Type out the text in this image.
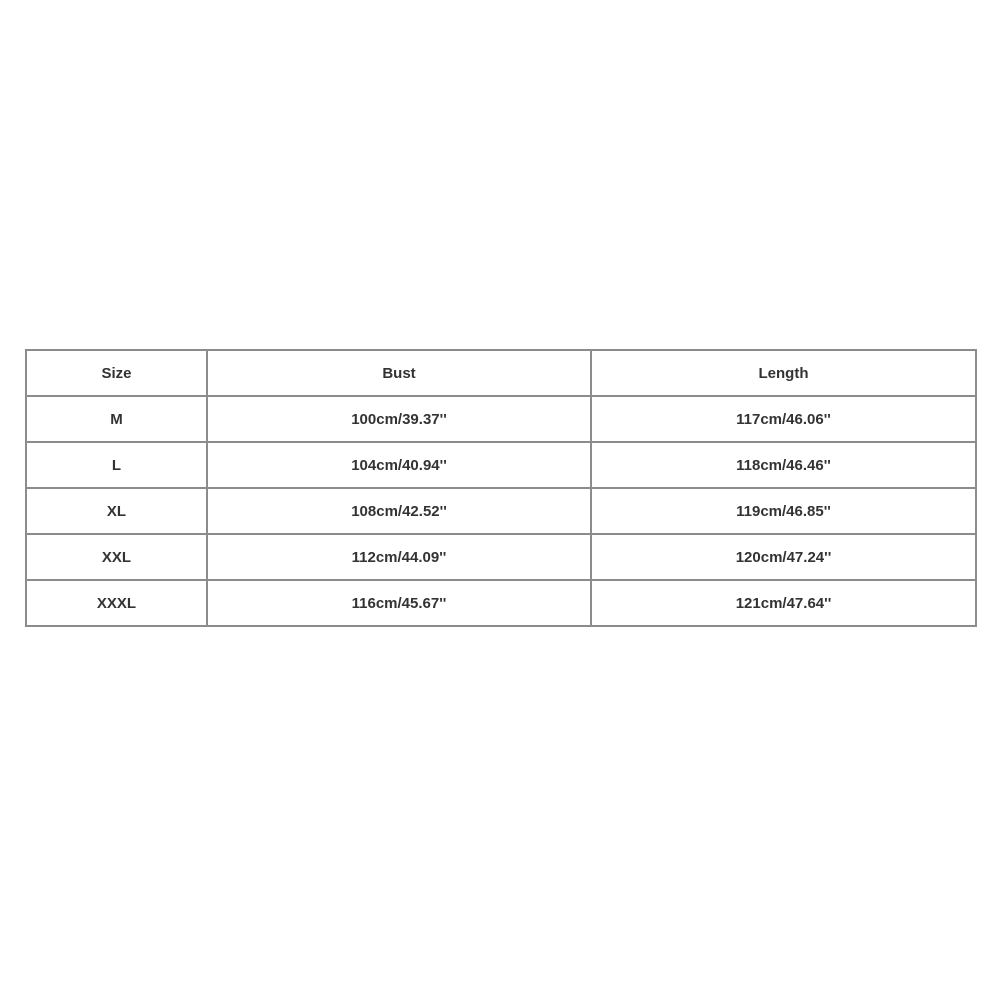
Size	Bust	Length
M	100cm/39.37''	117cm/46.06''
L	104cm/40.94''	118cm/46.46''
XL	108cm/42.52''	119cm/46.85''
XXL	112cm/44.09''	120cm/47.24''
XXXL	116cm/45.67''	121cm/47.64''
